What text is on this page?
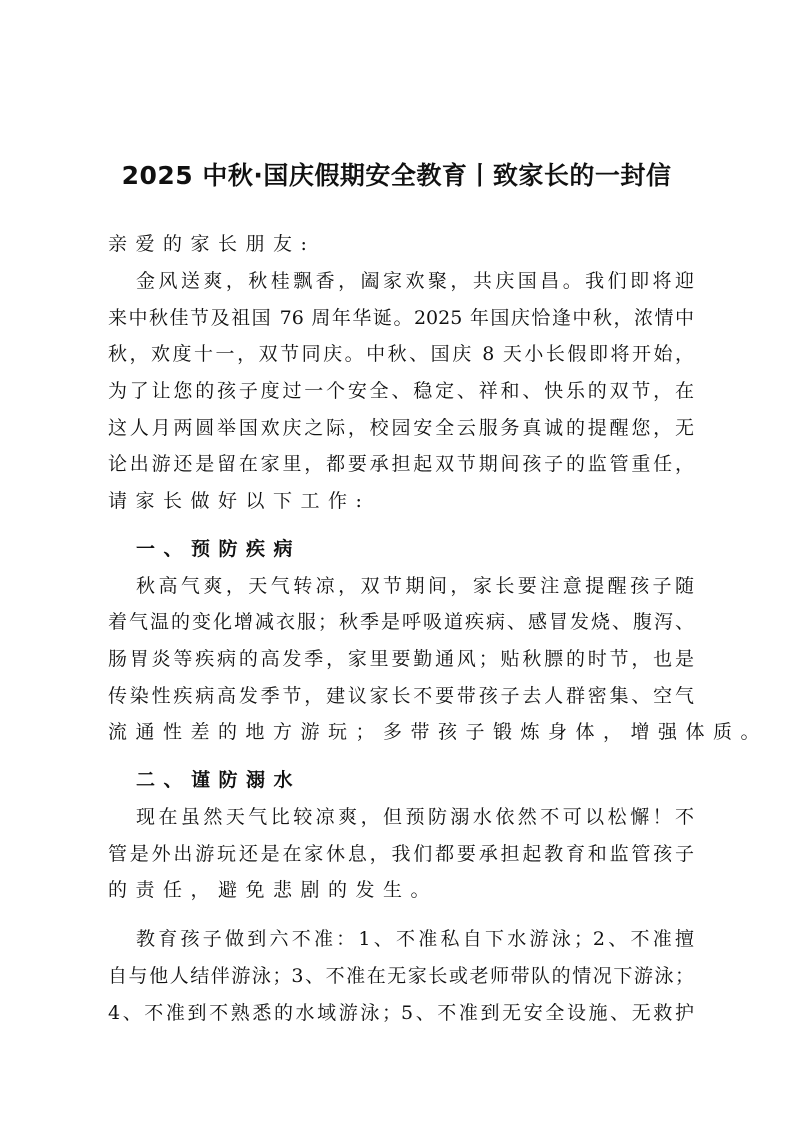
2025 中秋·国庆假期安全教育丨致家长的一封信
亲爱的家长朋友:
金风送爽，秋桂飘香，阖家欢聚，共庆国昌。我们即将迎
来中秋佳节及祖国 76 周年华诞。2025 年国庆恰逢中秋，浓情中
秋，欢度十一，双节同庆。中秋、国庆 8 天小长假即将开始，
为了让您的孩子度过一个安全、稳定、祥和、快乐的双节，在
这人月两圆举国欢庆之际，校园安全云服务真诚的提醒您，无
论出游还是留在家里，都要承担起双节期间孩子的监管重任，
请家长做好以下工作:
一、预防疾病
秋高气爽，天气转凉，双节期间，家长要注意提醒孩子随
着气温的变化增减衣服；秋季是呼吸道疾病、感冒发烧、腹泻、
肠胃炎等疾病的高发季，家里要勤通风；贴秋膘的时节，也是
传染性疾病高发季节，建议家长不要带孩子去人群密集、空气
流通性差的地方游玩；多带孩子锻炼身体，增强体质。
二、谨防溺水
现在虽然天气比较凉爽，但预防溺水依然不可以松懈！不
管是外出游玩还是在家休息，我们都要承担起教育和监管孩子
的责任，避免悲剧的发生。
教育孩子做到六不准：1、不准私自下水游泳；2、不准擅
自与他人结伴游泳；3、不准在无家长或老师带队的情况下游泳；
4、不准到不熟悉的水域游泳；5、不准到无安全设施、无救护
